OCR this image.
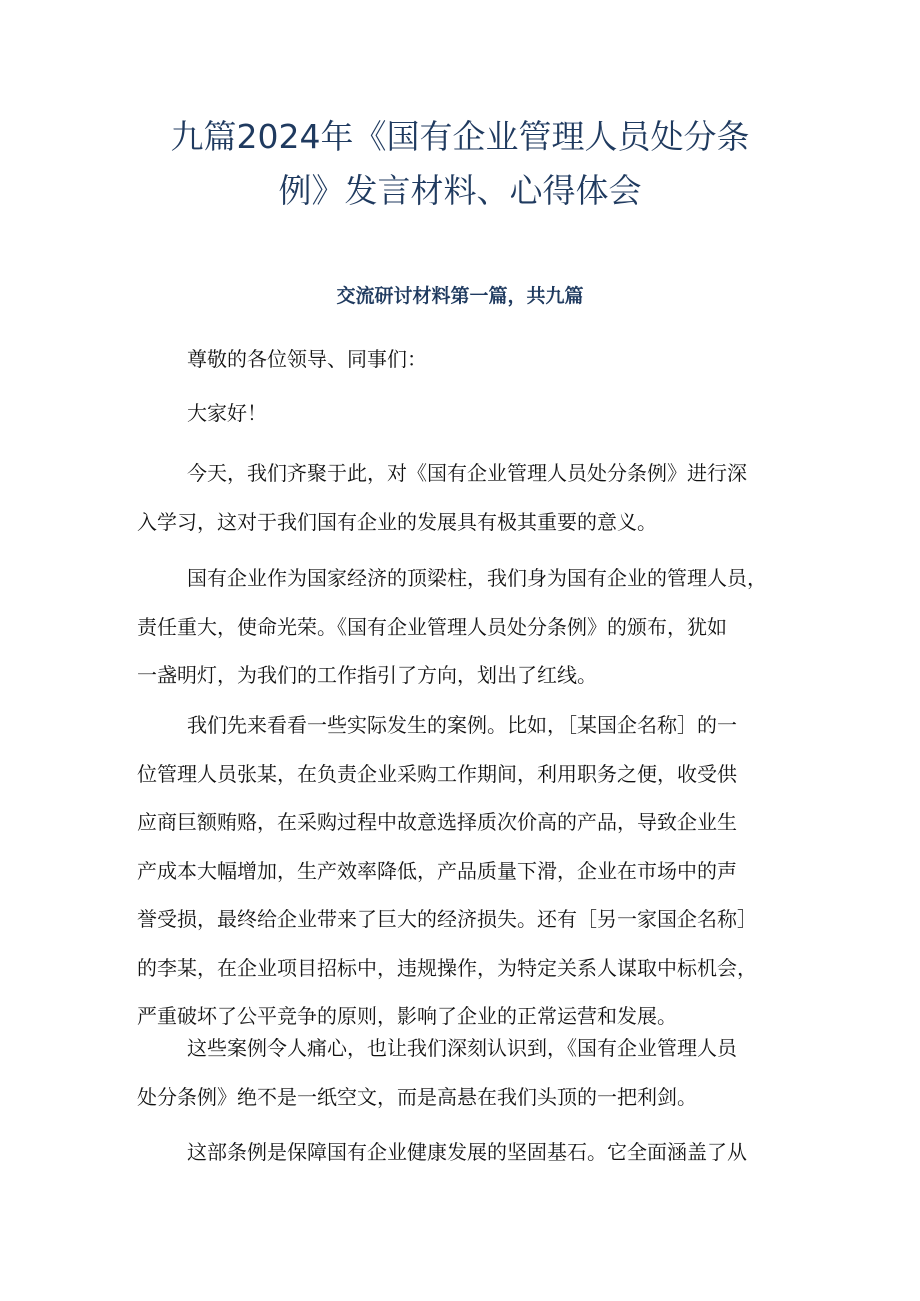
九篇2024年《国有企业管理人员处分条
例》发言材料、心得体会
交流研讨材料第一篇，共九篇

尊敬的各位领导、同事们：

大家好！

今天，我们齐聚于此，对《国有企业管理人员处分条例》进行深
入学习，这对于我们国有企业的发展具有极其重要的意义。

国有企业作为国家经济的顶梁柱，我们身为国有企业的管理人员，
责任重大，使命光荣。《国有企业管理人员处分条例》的颁布，犹如
一盏明灯，为我们的工作指引了方向，划出了红线。

我们先来看看一些实际发生的案例。比如，［某国企名称］的一
位管理人员张某，在负责企业采购工作期间，利用职务之便，收受供
应商巨额贿赂，在采购过程中故意选择质次价高的产品，导致企业生
产成本大幅增加，生产效率降低，产品质量下滑，企业在市场中的声
誉受损，最终给企业带来了巨大的经济损失。还有［另一家国企名称］
的李某，在企业项目招标中，违规操作，为特定关系人谋取中标机会，
严重破坏了公平竞争的原则，影响了企业的正常运营和发展。

这些案例令人痛心，也让我们深刻认识到，《国有企业管理人员
处分条例》绝不是一纸空文，而是高悬在我们头顶的一把利剑。

这部条例是保障国有企业健康发展的坚固基石。它全面涵盖了从
